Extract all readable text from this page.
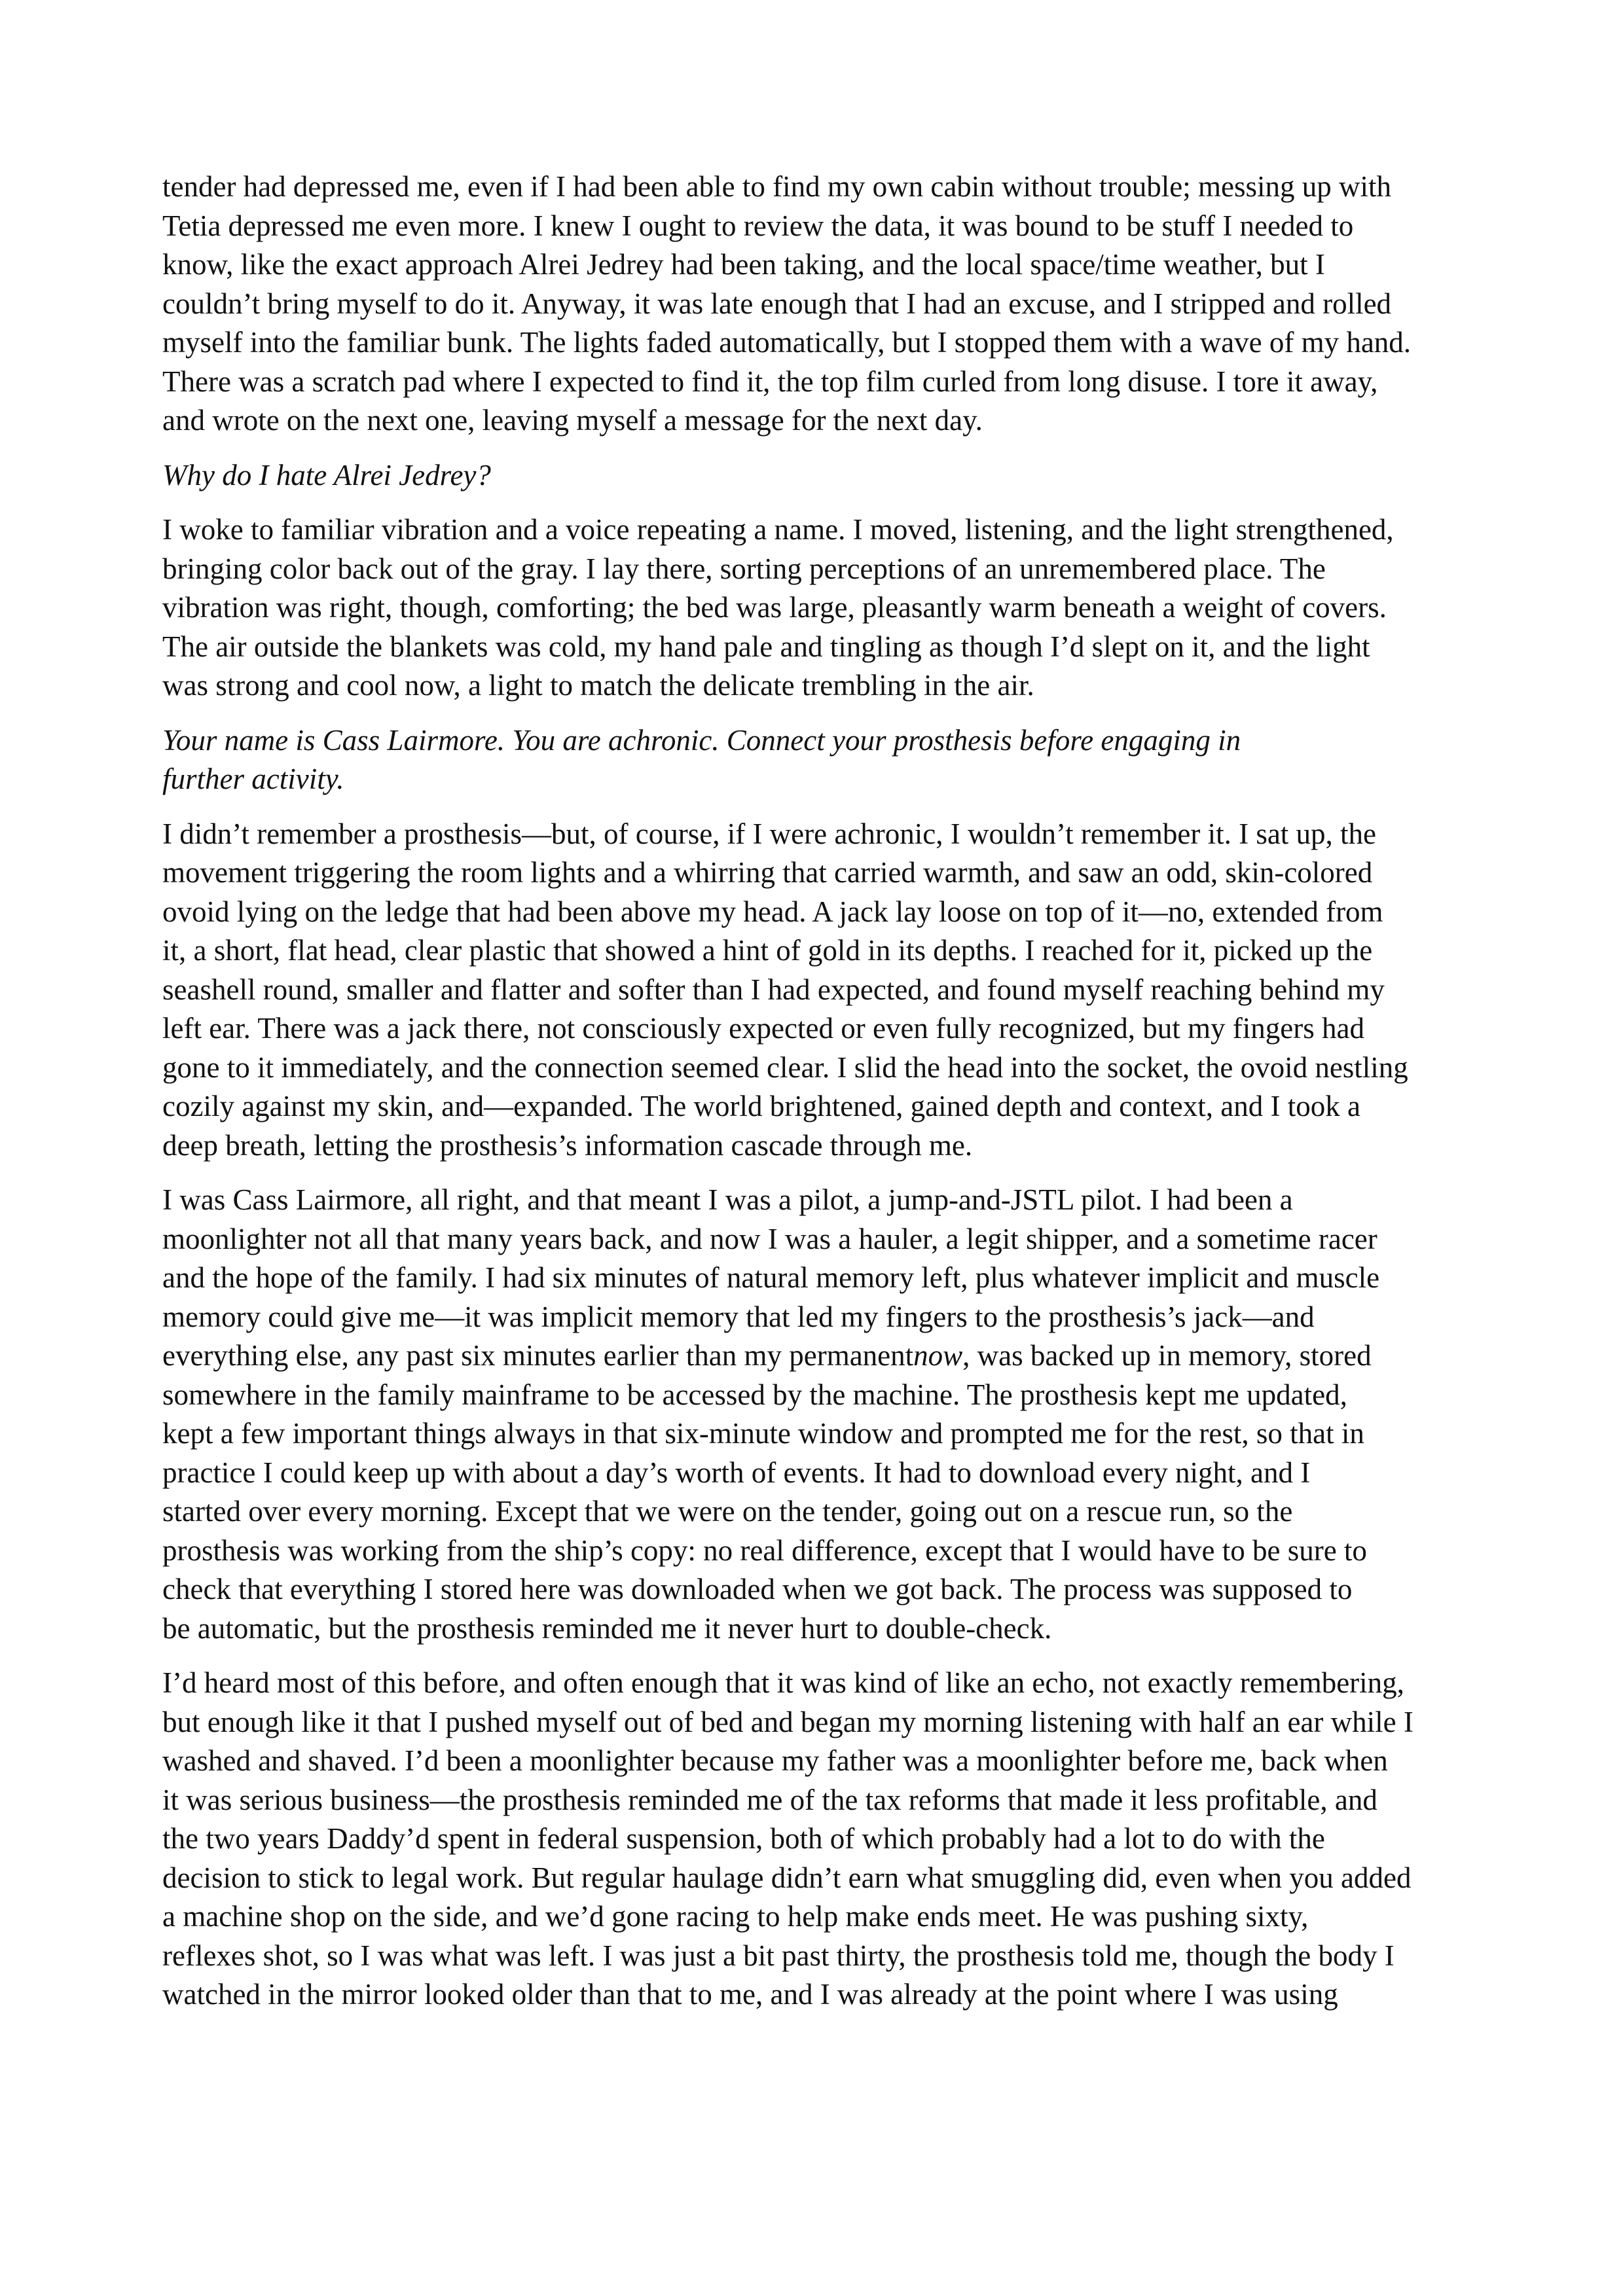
tender had depressed me, even if I had been able to find my own cabin without trouble; messing up with
Tetia depressed me even more. I knew I ought to review the data, it was bound to be stuff I needed to
know, like the exact approach Alrei Jedrey had been taking, and the local space/time weather, but I
couldn’t bring myself to do it. Anyway, it was late enough that I had an excuse, and I stripped and rolled
myself into the familiar bunk. The lights faded automatically, but I stopped them with a wave of my hand.
There was a scratch pad where I expected to find it, the top film curled from long disuse. I tore it away,
and wrote on the next one, leaving myself a message for the next day.

Why do I hate Alrei Jedrey?

I woke to familiar vibration and a voice repeating a name. I moved, listening, and the light strengthened,
bringing color back out of the gray. I lay there, sorting perceptions of an unremembered place. The
vibration was right, though, comforting; the bed was large, pleasantly warm beneath a weight of covers.
The air outside the blankets was cold, my hand pale and tingling as though I’d slept on it, and the light
was strong and cool now, a light to match the delicate trembling in the air.

Your name is Cass Lairmore. You are achronic. Connect your prosthesis before engaging in
further activity.

I didn’t remember a prosthesis—but, of course, if I were achronic, I wouldn’t remember it. I sat up, the
movement triggering the room lights and a whirring that carried warmth, and saw an odd, skin-colored
ovoid lying on the ledge that had been above my head. A jack lay loose on top of it—no, extended from
it, a short, flat head, clear plastic that showed a hint of gold in its depths. I reached for it, picked up the
seashell round, smaller and flatter and softer than I had expected, and found myself reaching behind my
left ear. There was a jack there, not consciously expected or even fully recognized, but my fingers had
gone to it immediately, and the connection seemed clear. I slid the head into the socket, the ovoid nestling
cozily against my skin, and—expanded. The world brightened, gained depth and context, and I took a
deep breath, letting the prosthesis’s information cascade through me.

I was Cass Lairmore, all right, and that meant I was a pilot, a jump-and-JSTL pilot. I had been a
moonlighter not all that many years back, and now I was a hauler, a legit shipper, and a sometime racer
and the hope of the family. I had six minutes of natural memory left, plus whatever implicit and muscle
memory could give me—it was implicit memory that led my fingers to the prosthesis’s jack—and
everything else, any past six minutes earlier than my permanentnow, was backed up in memory, stored
somewhere in the family mainframe to be accessed by the machine. The prosthesis kept me updated,
kept a few important things always in that six-minute window and prompted me for the rest, so that in
practice I could keep up with about a day’s worth of events. It had to download every night, and I
started over every morning. Except that we were on the tender, going out on a rescue run, so the
prosthesis was working from the ship’s copy: no real difference, except that I would have to be sure to
check that everything I stored here was downloaded when we got back. The process was supposed to
be automatic, but the prosthesis reminded me it never hurt to double-check.

I’d heard most of this before, and often enough that it was kind of like an echo, not exactly remembering,
but enough like it that I pushed myself out of bed and began my morning listening with half an ear while I
washed and shaved. I’d been a moonlighter because my father was a moonlighter before me, back when
it was serious business—the prosthesis reminded me of the tax reforms that made it less profitable, and
the two years Daddy’d spent in federal suspension, both of which probably had a lot to do with the
decision to stick to legal work. But regular haulage didn’t earn what smuggling did, even when you added
a machine shop on the side, and we’d gone racing to help make ends meet. He was pushing sixty,
reflexes shot, so I was what was left. I was just a bit past thirty, the prosthesis told me, though the body I
watched in the mirror looked older than that to me, and I was already at the point where I was using
